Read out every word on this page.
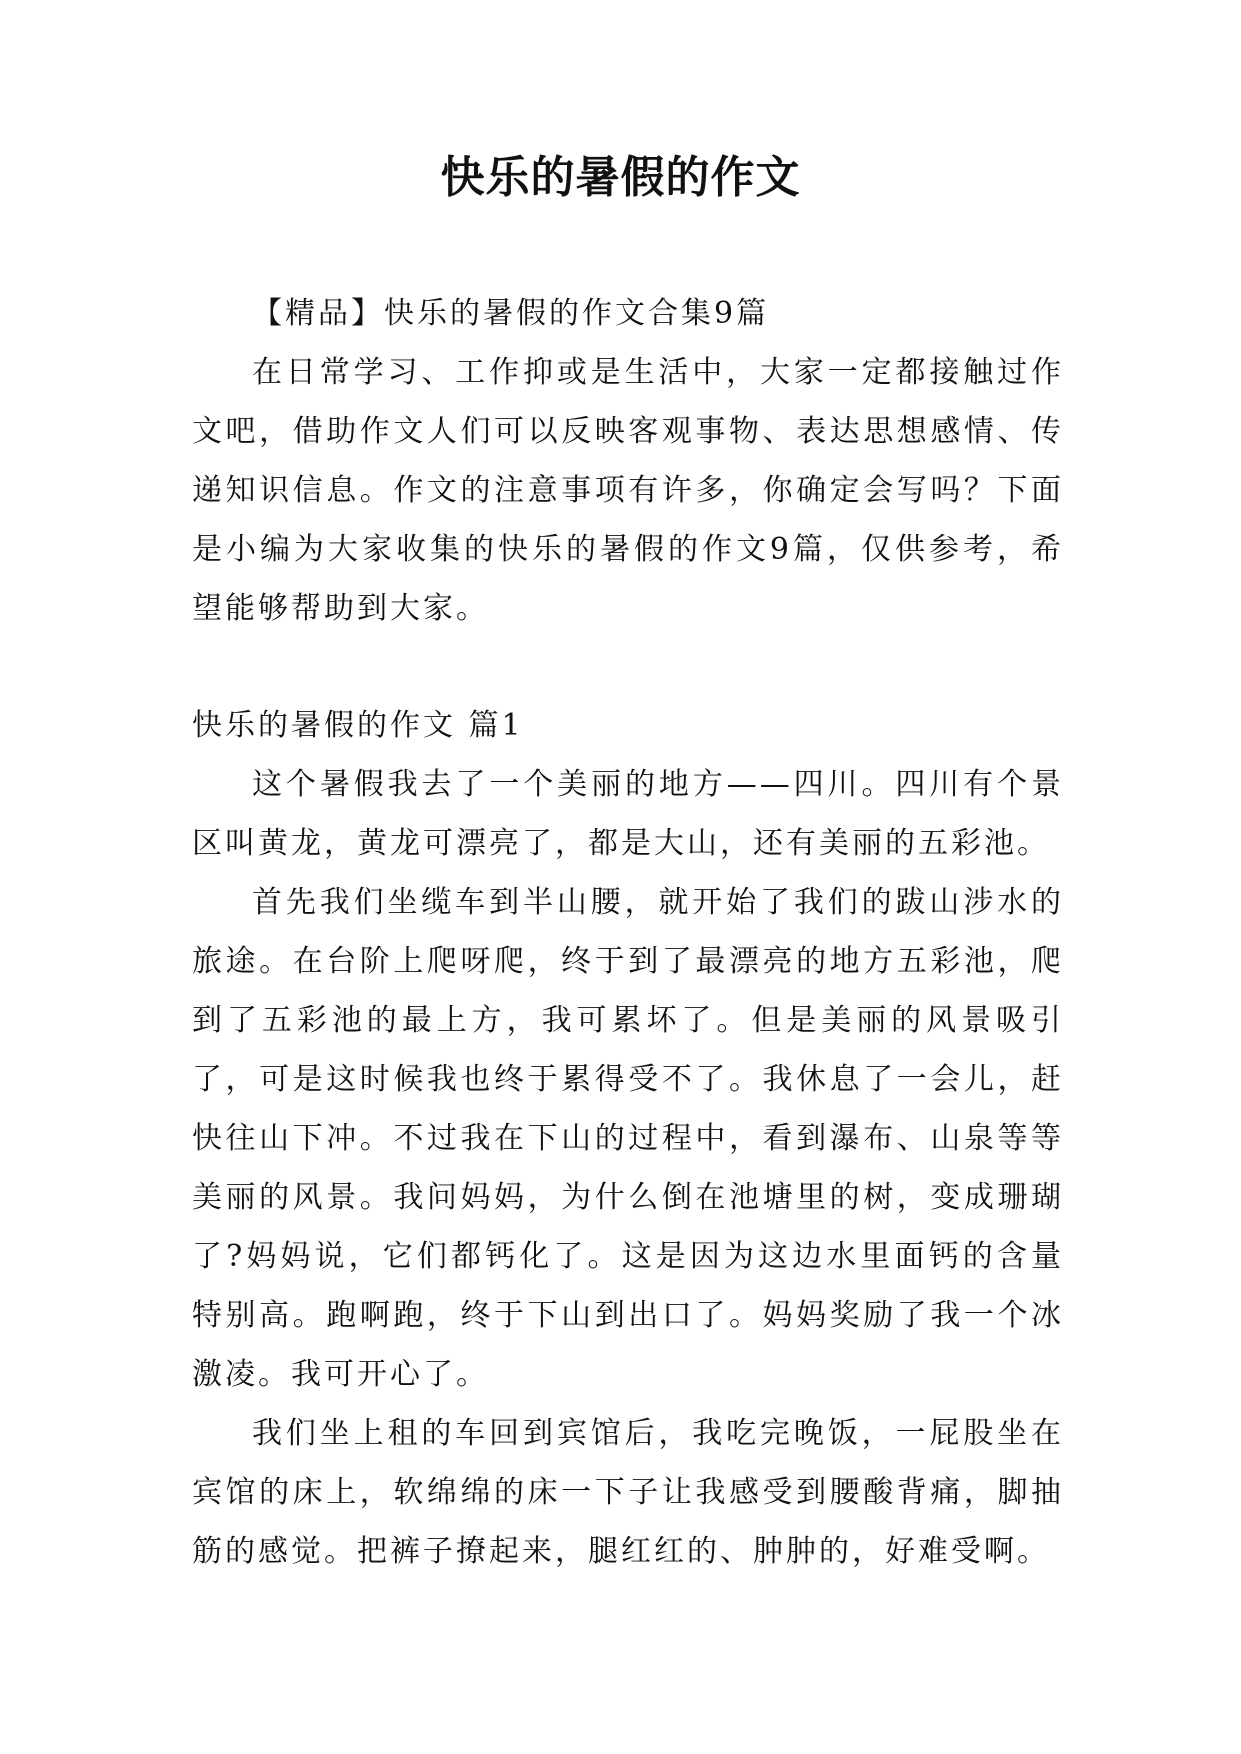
快乐的暑假的作文

【精品】快乐的暑假的作文合集9篇

在日常学习、工作抑或是生活中，大家一定都接触过作文吧，借助作文人们可以反映客观事物、表达思想感情、传递知识信息。作文的注意事项有许多，你确定会写吗？下面是小编为大家收集的快乐的暑假的作文9篇，仅供参考，希望能够帮助到大家。

快乐的暑假的作文 篇1

这个暑假我去了一个美丽的地方——四川。四川有个景区叫黄龙，黄龙可漂亮了，都是大山，还有美丽的五彩池。

首先我们坐缆车到半山腰，就开始了我们的跋山涉水的旅途。在台阶上爬呀爬，终于到了最漂亮的地方五彩池，爬到了五彩池的最上方，我可累坏了。但是美丽的风景吸引了，可是这时候我也终于累得受不了。我休息了一会儿，赶快往山下冲。不过我在下山的过程中，看到瀑布、山泉等等美丽的风景。我问妈妈，为什么倒在池塘里的树，变成珊瑚了?妈妈说，它们都钙化了。这是因为这边水里面钙的含量特别高。跑啊跑，终于下山到出口了。妈妈奖励了我一个冰激凌。我可开心了。

我们坐上租的车回到宾馆后，我吃完晚饭，一屁股坐在宾馆的床上，软绵绵的床一下子让我感受到腰酸背痛，脚抽筋的感觉。把裤子撩起来，腿红红的、肿肿的，好难受啊。
